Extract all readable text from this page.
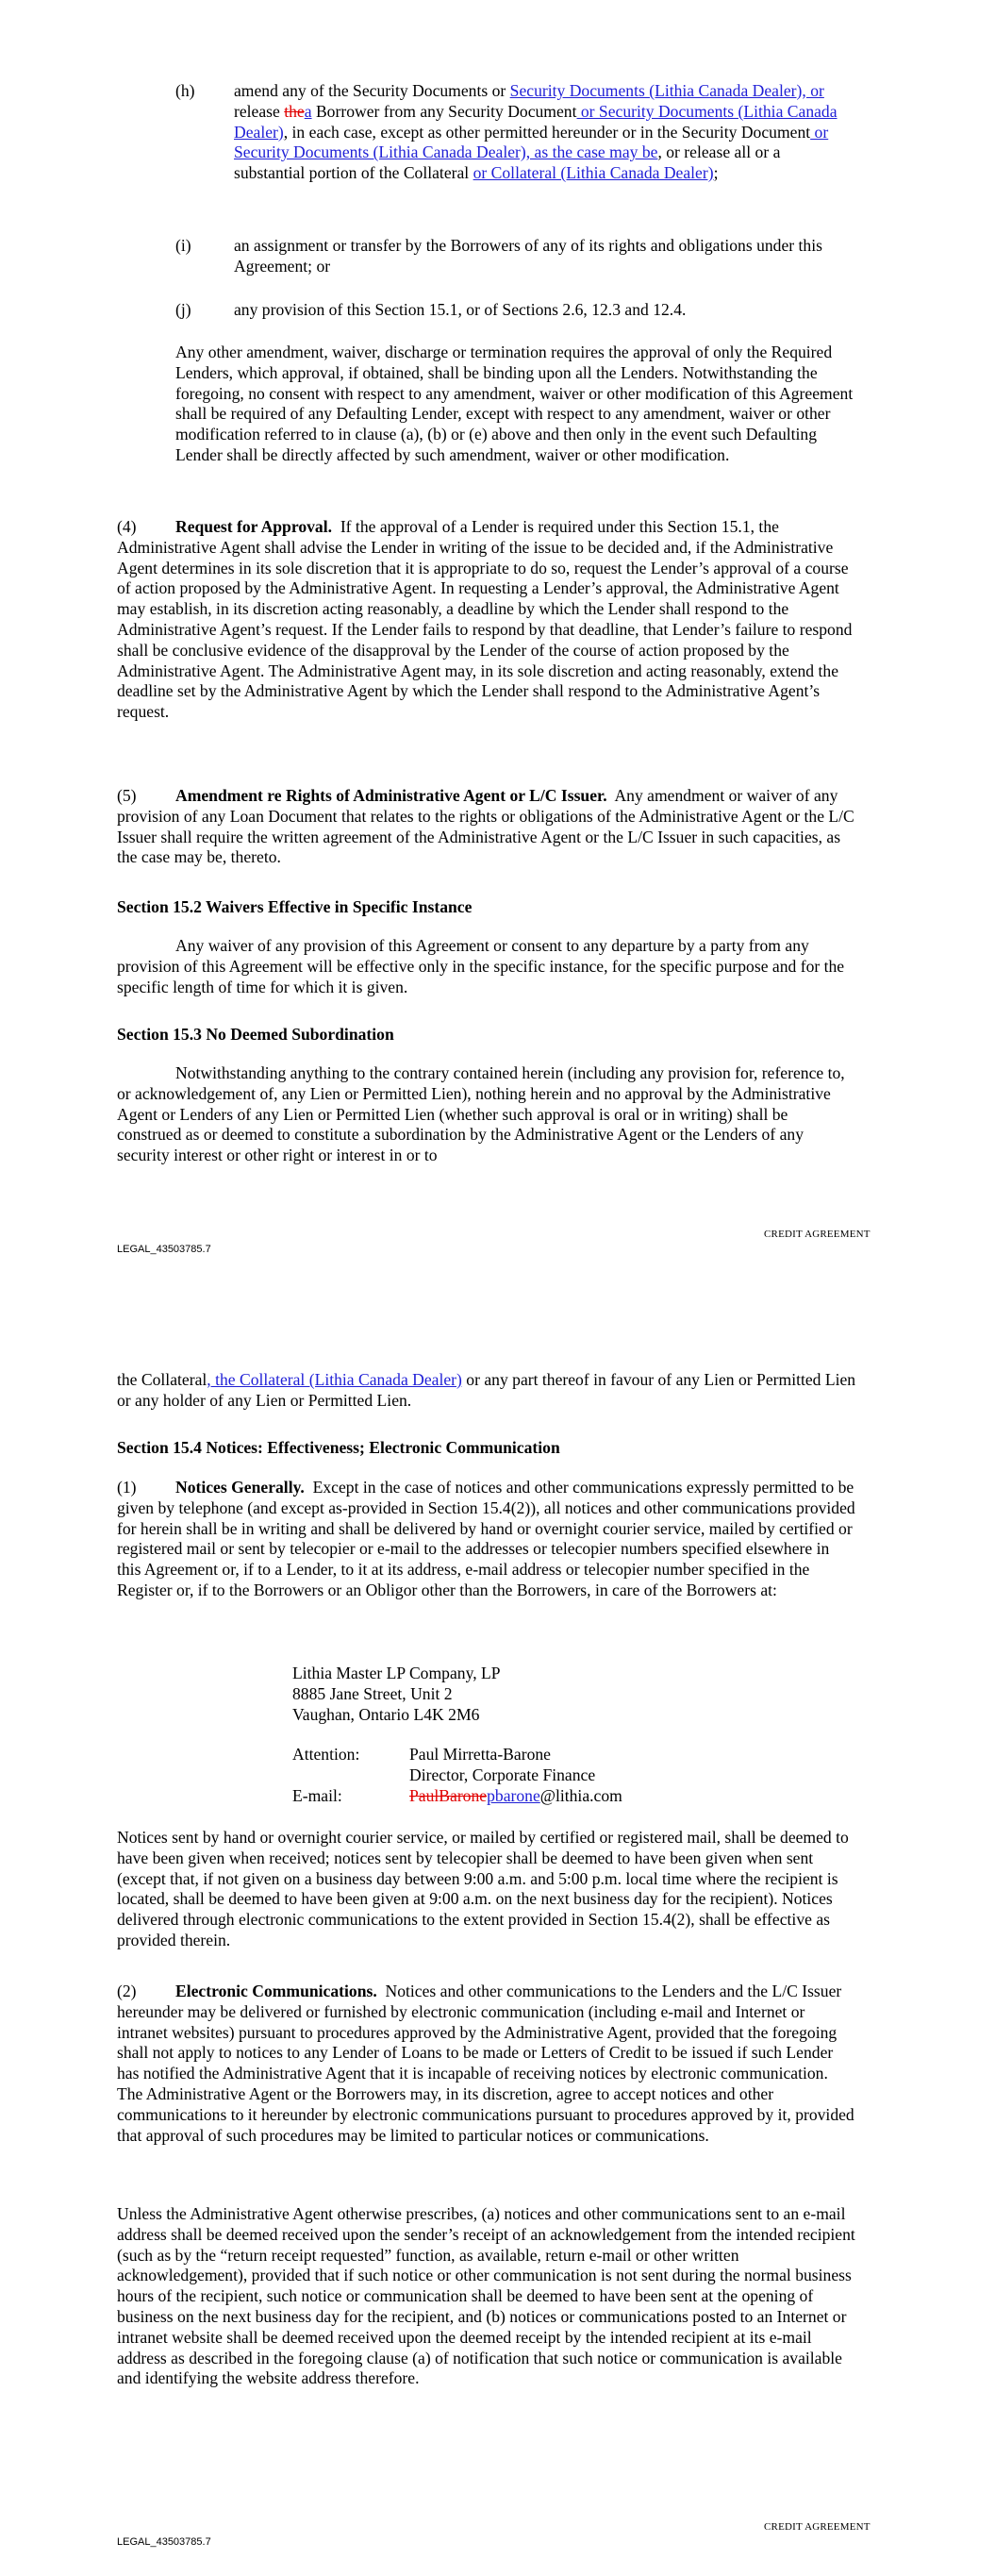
(h) amend any of the Security Documents or Security Documents (Lithia Canada Dealer), or release thea Borrower from any Security Document or Security Documents (Lithia Canada Dealer), in each case, except as other permitted hereunder or in the Security Document or Security Documents (Lithia Canada Dealer), as the case may be, or release all or a substantial portion of the Collateral or Collateral (Lithia Canada Dealer);

(i)	an assignment or transfer by the Borrowers of any of its rights and obligations under this Agreement; or

(j)	any provision of this Section 15.1, or of Sections 2.6, 12.3 and 12.4.

Any other amendment, waiver, discharge or termination requires the approval of only the Required Lenders, which approval, if obtained, shall be binding upon all the Lenders. Notwithstanding the foregoing, no consent with respect to any amendment, waiver or other modification of this Agreement shall be required of any Defaulting Lender, except with respect to any amendment, waiver or other modification referred to in clause (a), (b) or (e) above and then only in the event such Defaulting Lender shall be directly affected by such amendment, waiver or other modification.

(4) Request for Approval. If the approval of a Lender is required under this Section 15.1, the Administrative Agent shall advise the Lender in writing of the issue to be decided and, if the Administrative Agent determines in its sole discretion that it is appropriate to do so, request the Lender’s approval of a course of action proposed by the Administrative Agent. In requesting a Lender’s approval, the Administrative Agent may establish, in its discretion acting reasonably, a deadline by which the Lender shall respond to the Administrative Agent’s request. If the Lender fails to respond by that deadline, that Lender’s failure to respond shall be conclusive evidence of the disapproval by the Lender of the course of action proposed by the Administrative Agent. The Administrative Agent may, in its sole discretion and acting reasonably, extend the deadline set by the Administrative Agent by which the Lender shall respond to the Administrative Agent’s request.

(5) Amendment re Rights of Administrative Agent or L/C Issuer. Any amendment or waiver of any provision of any Loan Document that relates to the rights or obligations of the Administrative Agent or the L/C Issuer shall require the written agreement of the Administrative Agent or the L/C Issuer in such capacities, as the case may be, thereto.

Section 15.2 Waivers Effective in Specific Instance

Any waiver of any provision of this Agreement or consent to any departure by a party from any provision of this Agreement will be effective only in the specific instance, for the specific purpose and for the specific length of time for which it is given.

Section 15.3 No Deemed Subordination

Notwithstanding anything to the contrary contained herein (including any provision for, reference to, or acknowledgement of, any Lien or Permitted Lien), nothing herein and no approval by the Administrative Agent or Lenders of any Lien or Permitted Lien (whether such approval is oral or in writing) shall be construed as or deemed to constitute a subordination by the Administrative Agent or the Lenders of any security interest or other right or interest in or to

CREDIT AGREEMENT
LEGAL_43503785.7

the Collateral, the Collateral (Lithia Canada Dealer) or any part thereof in favour of any Lien or Permitted Lien or any holder of any Lien or Permitted Lien.

Section 15.4 Notices: Effectiveness; Electronic Communication

(1) Notices Generally. Except in the case of notices and other communications expressly permitted to be given by telephone (and except as-provided in Section 15.4(2)), all notices and other communications provided for herein shall be in writing and shall be delivered by hand or overnight courier service, mailed by certified or registered mail or sent by telecopier or e-mail to the addresses or telecopier numbers specified elsewhere in this Agreement or, if to a Lender, to it at its address, e-mail address or telecopier number specified in the Register or, if to the Borrowers or an Obligor other than the Borrowers, in care of the Borrowers at:

Lithia Master LP Company, LP

8885 Jane Street, Unit 2

Vaughan, Ontario L4K 2M6

Attention:	Paul Mirretta-Barone

Director, Corporate Finance

E-mail:	PaulBaronepbarone@lithia.com

Notices sent by hand or overnight courier service, or mailed by certified or registered mail, shall be deemed to have been given when received; notices sent by telecopier shall be deemed to have been given when sent (except that, if not given on a business day between 9:00 a.m. and 5:00 p.m. local time where the recipient is located, shall be deemed to have been given at 9:00 a.m. on the next business day for the recipient). Notices delivered through electronic communications to the extent provided in Section 15.4(2), shall be effective as provided therein.

(2) Electronic Communications. Notices and other communications to the Lenders and the L/C Issuer hereunder may be delivered or furnished by electronic communication (including e-mail and Internet or intranet websites) pursuant to procedures approved by the Administrative Agent, provided that the foregoing shall not apply to notices to any Lender of Loans to be made or Letters of Credit to be issued if such Lender has notified the Administrative Agent that it is incapable of receiving notices by electronic communication. The Administrative Agent or the Borrowers may, in its discretion, agree to accept notices and other communications to it hereunder by electronic communications pursuant to procedures approved by it, provided that approval of such procedures may be limited to particular notices or communications.

Unless the Administrative Agent otherwise prescribes, (a) notices and other communications sent to an e-mail address shall be deemed received upon the sender’s receipt of an acknowledgement from the intended recipient (such as by the “return receipt requested” function, as available, return e-mail or other written acknowledgement), provided that if such notice or other communication is not sent during the normal business hours of the recipient, such notice or communication shall be deemed to have been sent at the opening of business on the next business day for the recipient, and (b) notices or communications posted to an Internet or intranet website shall be deemed received upon the deemed receipt by the intended recipient at its e-mail address as described in the foregoing clause (a) of notification that such notice or communication is available and identifying the website address therefore.

CREDIT AGREEMENT
LEGAL_43503785.7
